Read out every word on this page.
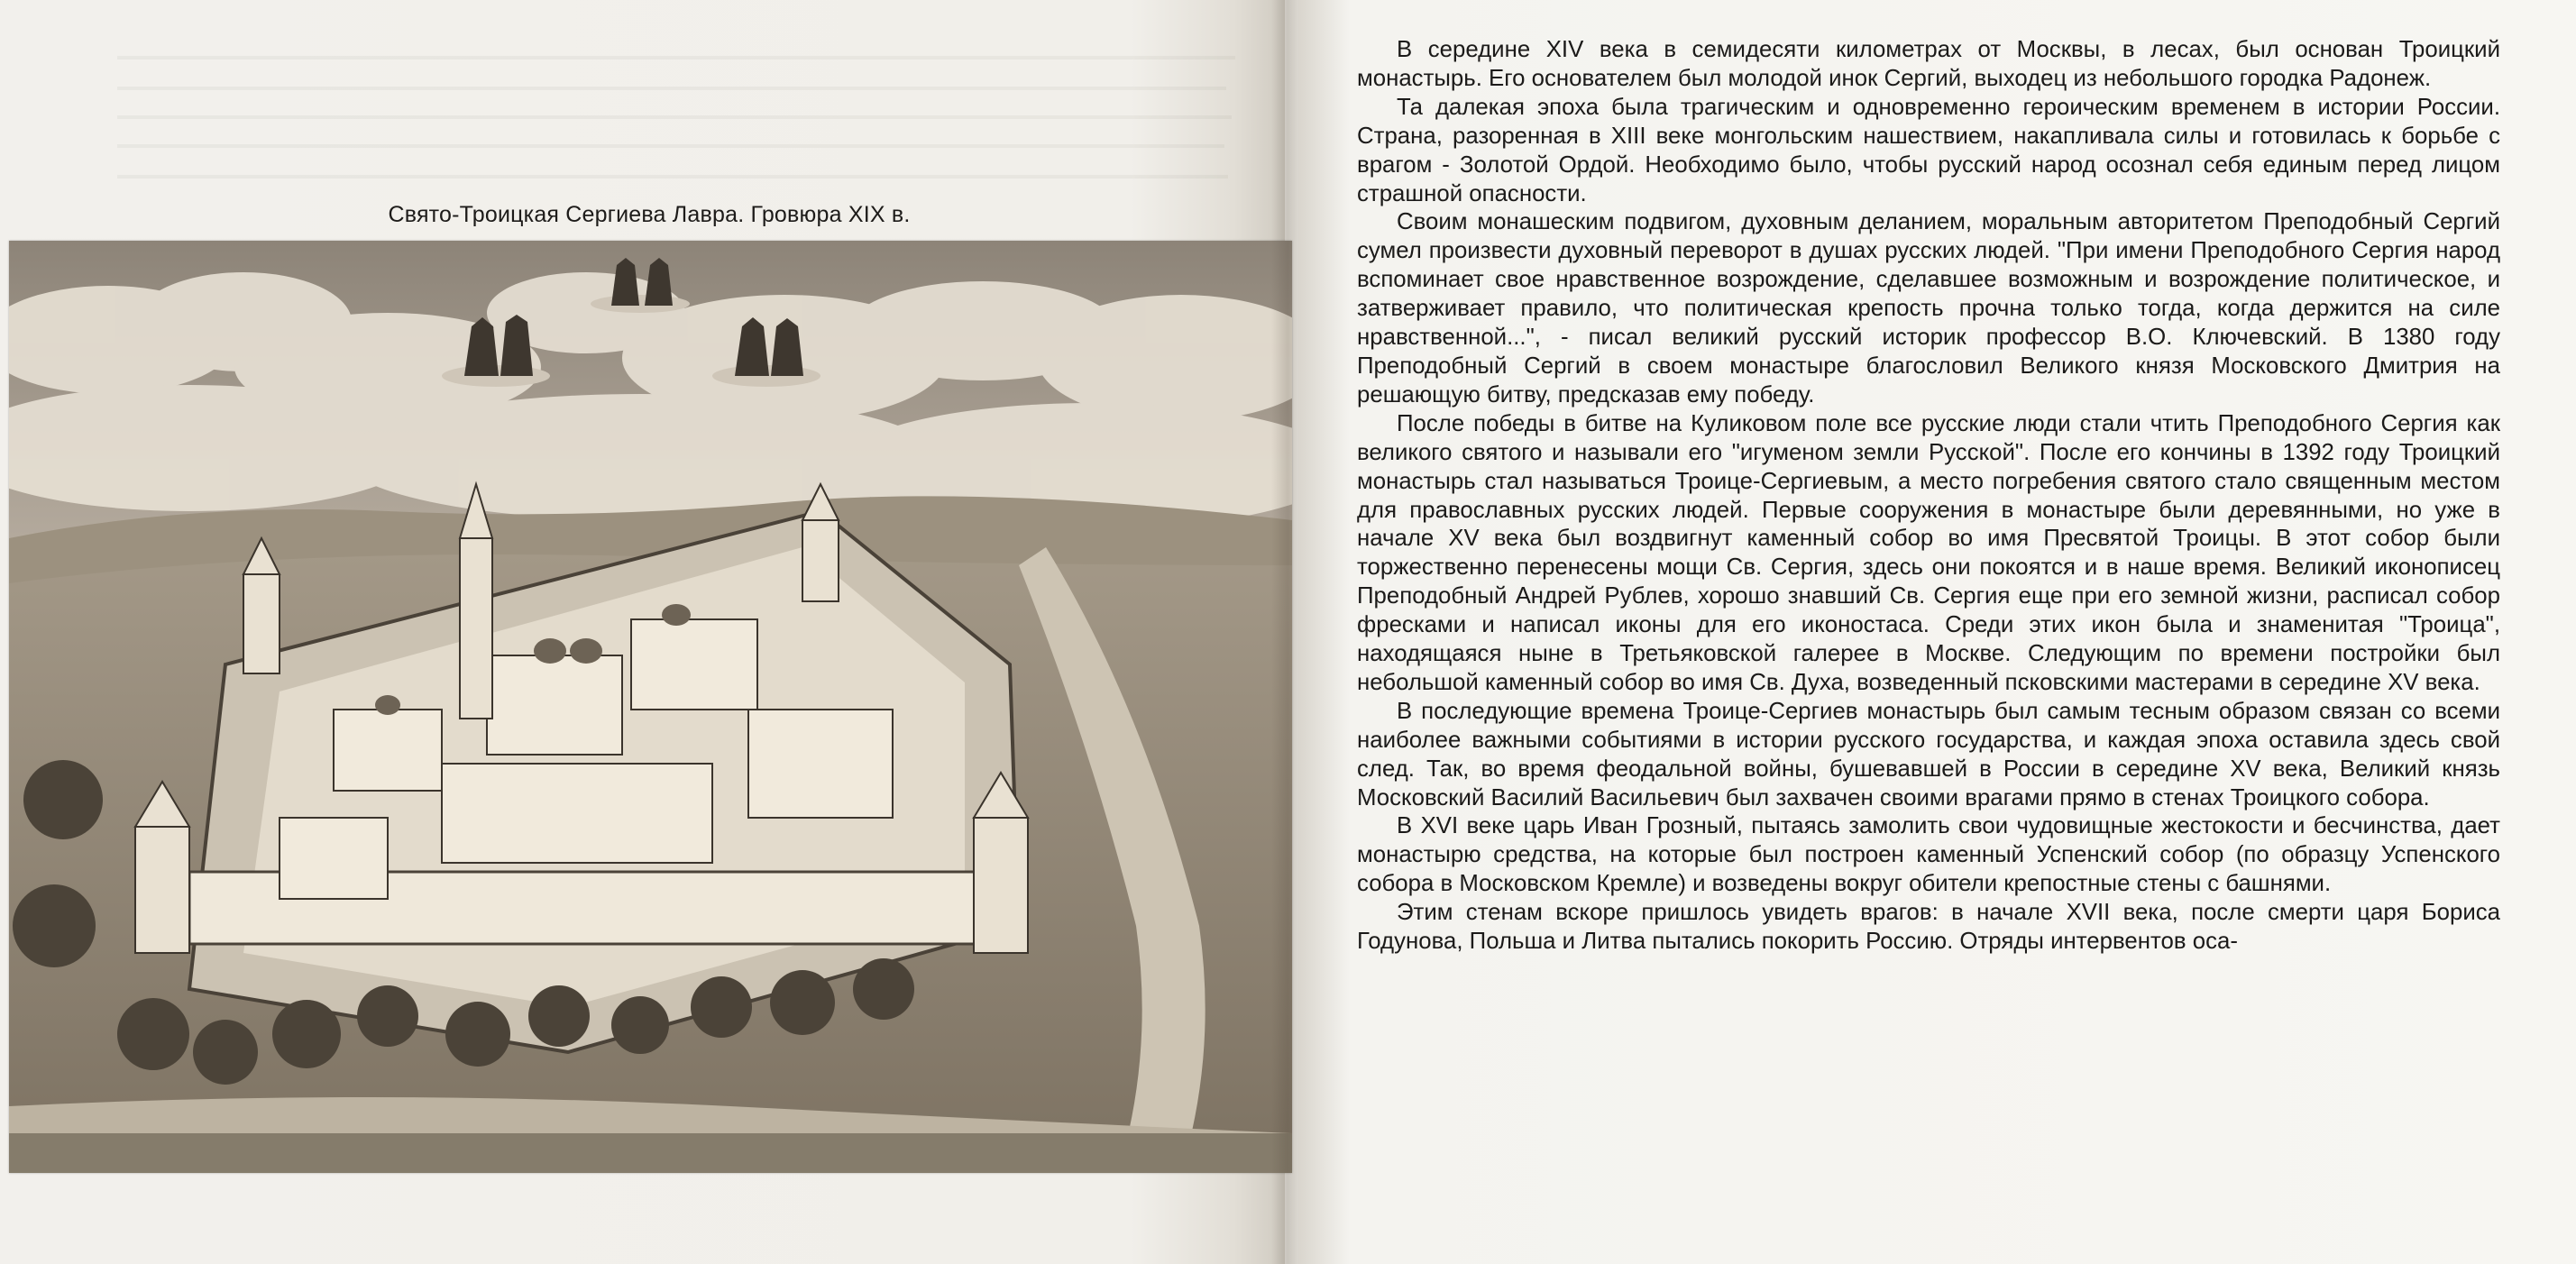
Свято-Троицкая Сергиева Лавра. Гровюра XIX в.

В середине XIV века в семидесяти километрах от Москвы, в лесах, был основан Троицкий монастырь. Его основателем был молодой инок Сергий, выходец из небольшого городка Радонеж.

Та далекая эпоха была трагическим и одновременно героическим временем в истории России. Страна, разоренная в XIII веке монгольским нашествием, накапливала силы и готовилась к борьбе с врагом - Золотой Ордой. Необходимо было, чтобы русский народ осознал себя единым перед лицом страшной опасности.

Своим монашеским подвигом, духовным деланием, моральным авторитетом Преподобный Сергий сумел произвести духовный переворот в душах русских людей. "При имени Преподобного Сергия народ вспоминает свое нравственное возрождение, сделавшее возможным и возрождение политическое, и затверживает правило, что политическая крепость прочна только тогда, когда держится на силе нравственной...", - писал великий русский историк профессор В.О. Ключевский. В 1380 году Преподобный Сергий в своем монастыре благословил Великого князя Московского Дмитрия на решающую битву, предсказав ему победу.

После победы в битве на Куликовом поле все русские люди стали чтить Преподобного Сергия как великого святого и называли его "игуменом земли Русской". После его кончины в 1392 году Троицкий монастырь стал называться Троице-Сергиевым, а место погребения святого стало священным местом для православных русских людей. Первые сооружения в монастыре были деревянными, но уже в начале XV века был воздвигнут каменный собор во имя Пресвятой Троицы. В этот собор были торжественно перенесены мощи Св. Сергия, здесь они покоятся и в наше время. Великий иконописец Преподобный Андрей Рублев, хорошо знавший Св. Сергия еще при его земной жизни, расписал собор фресками и написал иконы для его иконостаса. Среди этих икон была и знаменитая "Троица", находящаяся ныне в Третьяковской галерее в Москве. Следующим по времени постройки был небольшой каменный собор во имя Св. Духа, возведенный псковскими мастерами в середине XV века.

В последующие времена Троице-Сергиев монастырь был самым тесным образом связан со всеми наиболее важными событиями в истории русского государства, и каждая эпоха оставила здесь свой след. Так, во время феодальной войны, бушевавшей в России в середине XV века, Великий князь Московский Василий Васильевич был захвачен своими врагами прямо в стенах Троицкого собора.

В XVI веке царь Иван Грозный, пытаясь замолить свои чудовищные жестокости и бесчинства, дает монастырю средства, на которые был построен каменный Успенский собор (по образцу Успенского собора в Московском Кремле) и возведены вокруг обители крепостные стены с башнями.

Этим стенам вскоре пришлось увидеть врагов: в начале XVII века, после смерти царя Бориса Годунова, Польша и Литва пытались покорить Россию. Отряды интервентов оса-
